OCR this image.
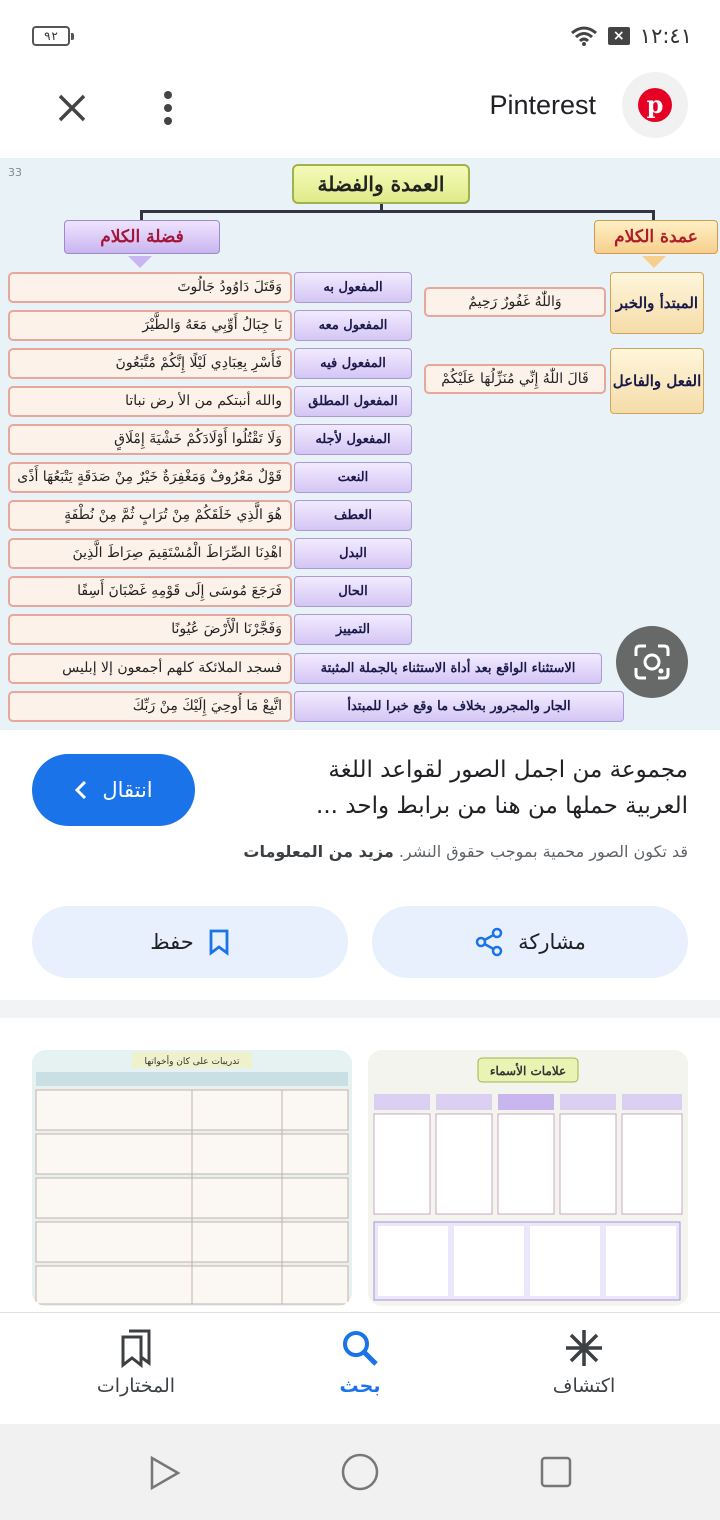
٩٢	× ١٢:٤١
Pinterest	p
33	العمدة والفضلة
فضلة الكلام	عمدة الكلام
وَاللّٰهُ غَفُورٌ رَحِيمٌ	المبتدأ والخبر
قَالَ اللّٰهُ إِنِّي مُنَزِّلُهَا عَلَيْكُمْ	الفعل والفاعل
وَقَتَلَ دَاوُودُ جَالُوتَ	المفعول به
يَا جِبَالُ أَوِّبِي مَعَهُ وَالطَّيْرَ	المفعول معه
فَأَسْرِ بِعِبَادِي لَيْلًا إِنَّكُمْ مُتَّبَعُونَ	المفعول فيه
والله أنبتكم من الأ رض نباتا	المفعول المطلق
وَلَا تَقْتُلُوا أَوْلَادَكُمْ خَشْيَةَ إِمْلَاقٍ	المفعول لأجله
قَوْلٌ مَعْرُوفٌ وَمَغْفِرَةٌ خَيْرٌ مِنْ صَدَقَةٍ يَتْبَعُهَا أَذًى	النعت
هُوَ الَّذِي خَلَقَكُمْ مِنْ تُرَابٍ ثُمَّ مِنْ نُطْفَةٍ	العطف
اهْدِنَا الصِّرَاطَ الْمُسْتَقِيمَ صِرَاطَ الَّذِينَ	البدل
فَرَجَعَ مُوسَى إِلَى قَوْمِهِ غَضْبَانَ أَسِفًا	الحال
وَفَجَّرْنَا الْأَرْضَ عُيُونًا	التمييز
فسجد الملائكة كلهم أجمعون إلا إبليس	الاستثناء الواقع بعد أداة الاستثناء بالجملة المثبتة
اتَّبِعْ مَا أُوحِيَ إِلَيْكَ مِنْ رَبِّكَ	الجار والمجرور بخلاف ما وقع خبرا للمبتدأ
مجموعة من اجمل الصور لقواعد اللغة العربية حملها من هنا من برابط واحد ...
انتقال
قد تكون الصور محمية بموجب حقوق النشر. مزيد من المعلومات
مشاركة
حفظ
علامات الأسماء
تدريبات على كان وأخواتها
اكتشاف
بحث
المختارات
